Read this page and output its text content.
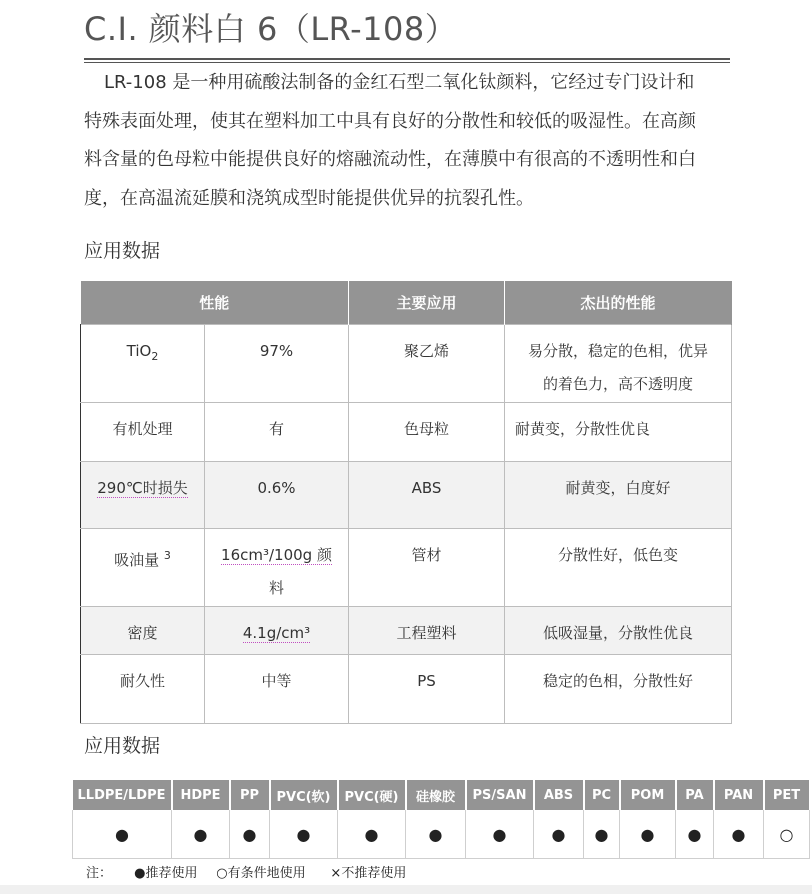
C.I. 颜料白 6（LR-108）

LR-108 是一种用硫酸法制备的金红石型二氧化钛颜料，它经过专门设计和
特殊表面处理，使其在塑料加工中具有良好的分散性和较低的吸湿性。在高颜
料含量的色母粒中能提供良好的熔融流动性，在薄膜中有很高的不透明性和白
度，在高温流延膜和浇筑成型时能提供优异的抗裂孔性。

应用数据
性能		主要应用	杰出的性能
TiO$_2$	97%	聚乙烯	易分散，稳定的色相，优异
的着色力，高不透明度

有机处理	有	色母粒	耐黄变，分散性优良
290℃时损失	0.6%	ABS	耐黄变，白度好
吸油量 $^3$	16cm³/100g 颜
料	管材	分散性好，低色变
密度	4.1g/cm³	工程塑料	低吸湿量，分散性优良
耐久性	中等	PS	稳定的色相，分散性好
应用数据
LLDPE/LDPE	HDPE	PP	PVC(软)	PVC(硬)	硅橡胶	PS/SAN	ABS	PC	POM	PA	PAN	PET
●	●	●	●	●	●	●	●	●	●	●	●	○
注： ●推荐使用 ○有条件地使用 ×不推荐使用
